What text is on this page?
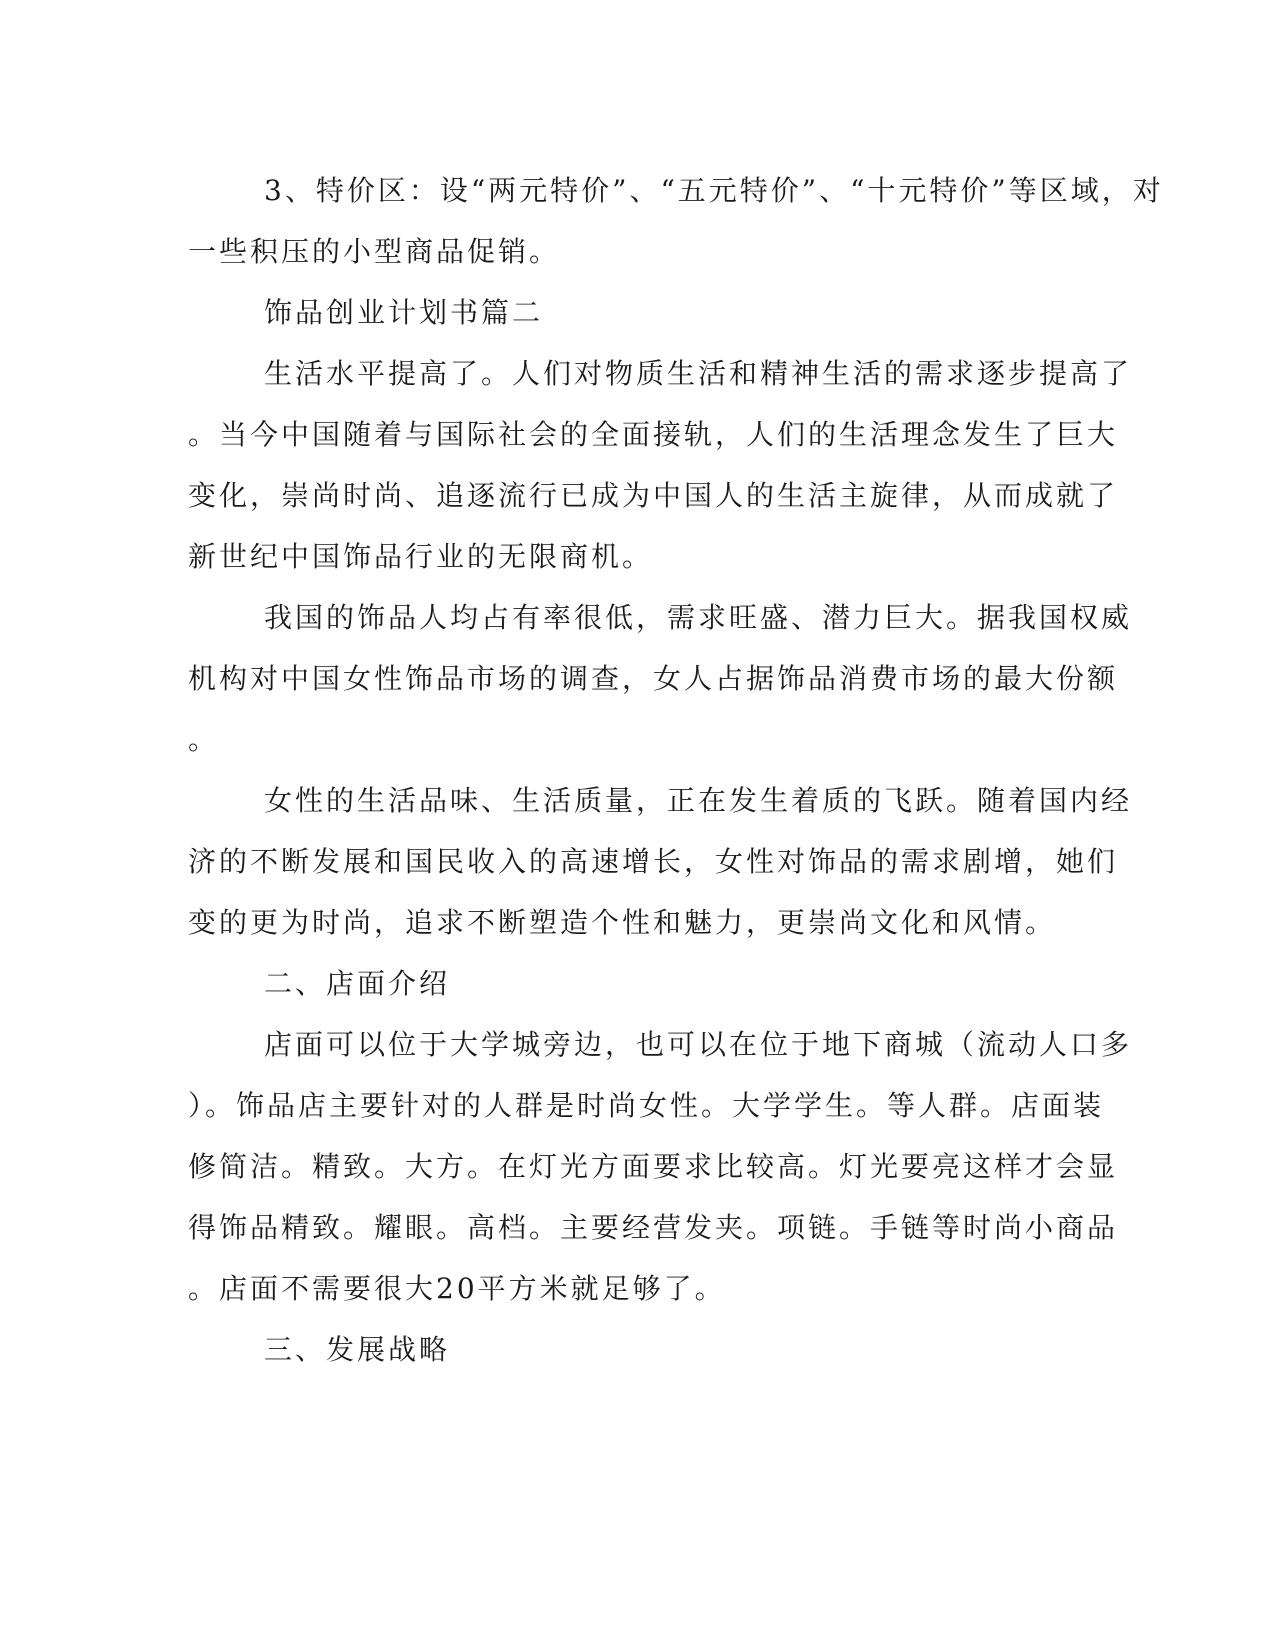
3、特价区：设“两元特价”、“五元特价”、“十元特价”等区域，对
一些积压的小型商品促销。

饰品创业计划书篇二

生活水平提高了。人们对物质生活和精神生活的需求逐步提高了
。当今中国随着与国际社会的全面接轨，人们的生活理念发生了巨大
变化，崇尚时尚、追逐流行已成为中国人的生活主旋律，从而成就了
新世纪中国饰品行业的无限商机。

我国的饰品人均占有率很低，需求旺盛、潜力巨大。据我国权威
机构对中国女性饰品市场的调查，女人占据饰品消费市场的最大份额
。

女性的生活品味、生活质量，正在发生着质的飞跃。随着国内经
济的不断发展和国民收入的高速增长，女性对饰品的需求剧增，她们
变的更为时尚，追求不断塑造个性和魅力，更崇尚文化和风情。

二、店面介绍

店面可以位于大学城旁边，也可以在位于地下商城（流动人口多
）。饰品店主要针对的人群是时尚女性。大学学生。等人群。店面装
修简洁。精致。大方。在灯光方面要求比较高。灯光要亮这样才会显
得饰品精致。耀眼。高档。主要经营发夹。项链。手链等时尚小商品
。店面不需要很大20平方米就足够了。

三、发展战略
